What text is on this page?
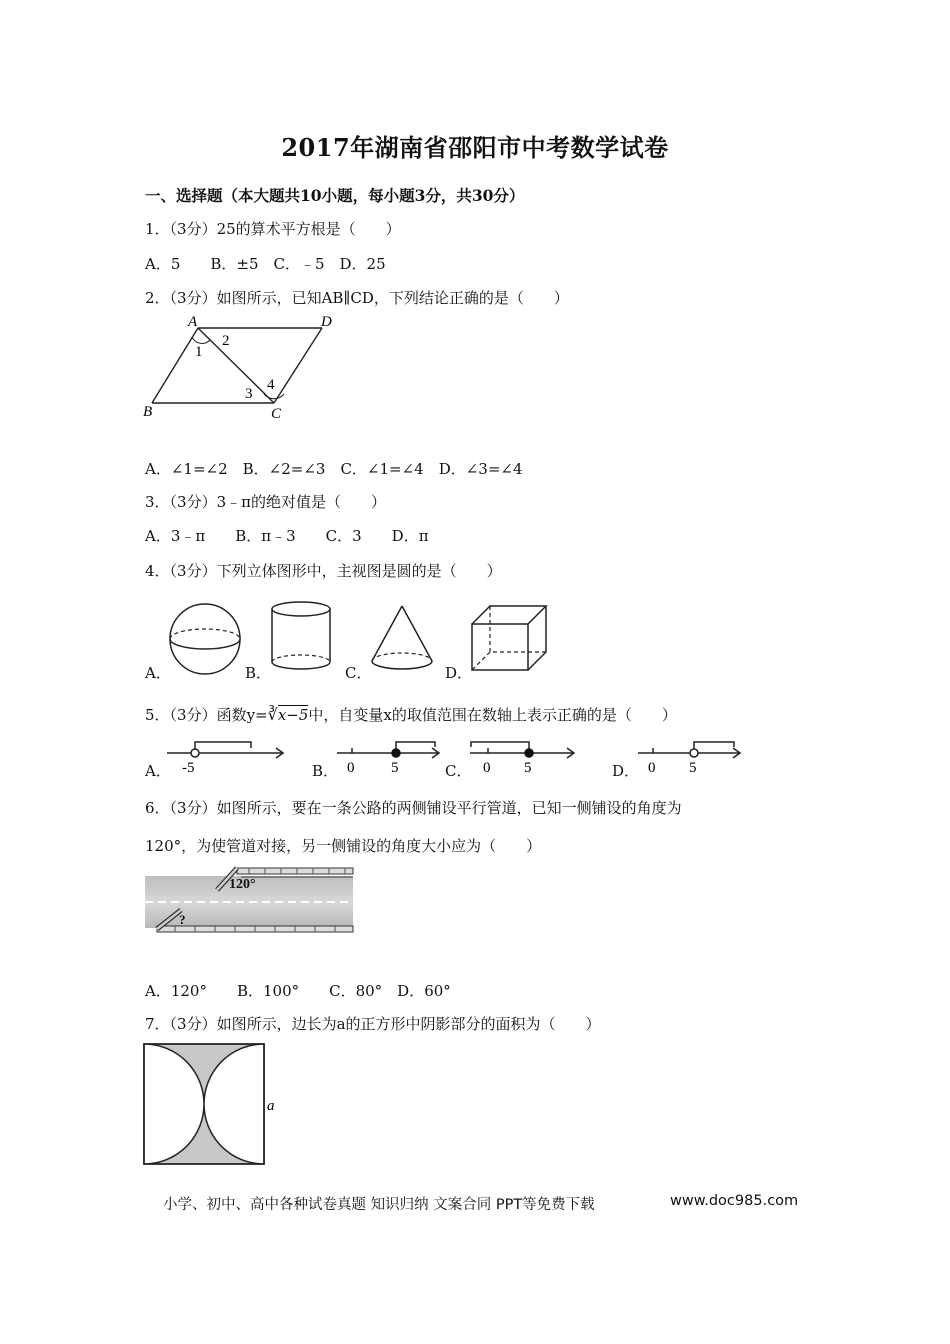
2017年湖南省邵阳市中考数学试卷
一、选择题（本大题共10小题，每小题3分，共30分）
1．（3分）25的算术平方根是（　　）
A．5　　B．±5　C．﹣5　D．25
2．（3分）如图所示，已知AB∥CD，下列结论正确的是（　　）
A	D
B	C
1
2
3
4
A．∠1=∠2　B．∠2=∠3　C．∠1=∠4　D．∠3=∠4
3．（3分）3﹣π的绝对值是（　　）
A．3﹣π　　B．π﹣3　　C．3　　D．π
4．（3分）下列立体图形中，主视图是圆的是（　　）
A．	B．	C．	D．
5．（3分）函数y=∛x−5中，自变量x的取值范围在数轴上表示正确的是（　　）
A．	B．	C．	D．
-5	0 5	0 5	0 5
6．（3分）如图所示，要在一条公路的两侧铺设平行管道，已知一侧铺设的角度为
120°，为使管道对接，另一侧铺设的角度大小应为（　　）
120°
?
A．120°　　B．100°　　C．80°　D．60°
7．（3分）如图所示，边长为a的正方形中阴影部分的面积为（　　）
a
小学、初中、高中各种试卷真题 知识归纳 文案合同 PPT等免费下载	www.doc985.com
